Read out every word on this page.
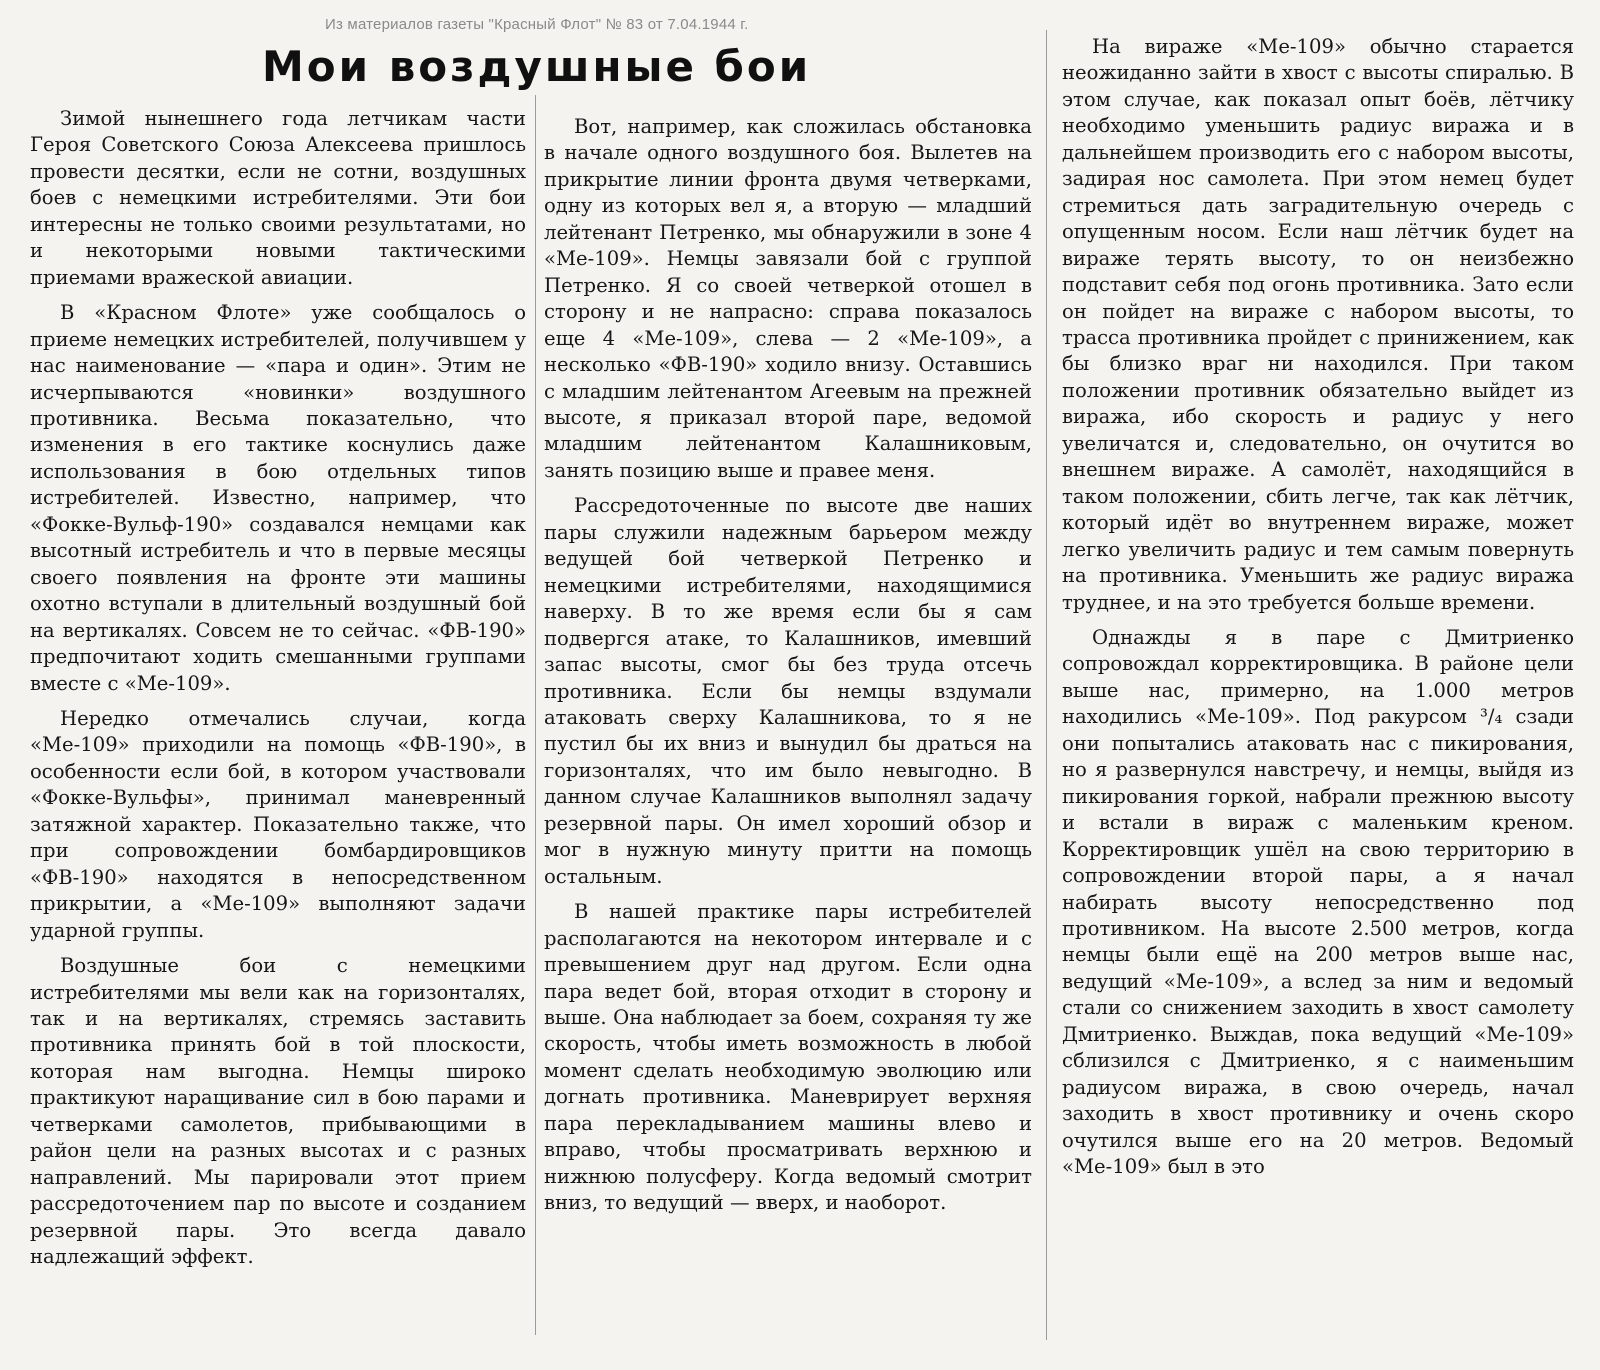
Из материалов газеты "Красный Флот" № 83 от 7.04.1944 г.
Мои воздушные бои

Зимой нынешнего года летчикам части Героя Советского Союза Алексеева пришлось провести десятки, если не сотни, воздушных боев с немецкими истребителями. Эти бои интересны не только своими результатами, но и некоторыми новыми тактическими приемами вражеской авиации.

В «Красном Флоте» уже сообщалось о приеме немецких истребителей, получившем у нас наименование — «пара и один». Этим не исчерпываются «новинки» воздушного противника. Весьма показательно, что изменения в его тактике коснулись даже использования в бою отдельных типов истребителей. Известно, например, что «Фокке-Вульф-190» создавался немцами как высотный истребитель и что в первые месяцы своего появления на фронте эти машины охотно вступали в длительный воздушный бой на вертикалях. Совсем не то сейчас. «ФВ-190» предпочитают ходить смешанными группами вместе с «Ме-109».

Нередко отмечались случаи, когда «Ме-109» приходили на помощь «ФВ-190», в особенности если бой, в котором участвовали «Фокке-Вульфы», принимал маневренный затяжной характер. Показательно также, что при сопровождении бомбардировщиков «ФВ-190» находятся в непосредственном прикрытии, а «Ме-109» выполняют задачи ударной группы.

Воздушные бои с немецкими истребителями мы вели как на горизонталях, так и на вертикалях, стремясь заставить противника принять бой в той плоскости, которая нам выгодна. Немцы широко практикуют наращивание сил в бою парами и четверками самолетов, прибывающими в район цели на разных высотах и с разных направлений. Мы парировали этот прием рассредоточением пар по высоте и созданием резервной пары. Это всегда давало надлежащий эффект.

Вот, например, как сложилась обстановка в начале одного воздушного боя. Вылетев на прикрытие линии фронта двумя четверками, одну из которых вел я, а вторую — младший лейтенант Петренко, мы обнаружили в зоне 4 «Ме-109». Немцы завязали бой с группой Петренко. Я со своей четверкой отошел в сторону и не напрасно: справа показалось еще 4 «Ме-109», слева — 2 «Ме-109», а несколько «ФВ-190» ходило внизу. Оставшись с младшим лейтенантом Агеевым на прежней высоте, я приказал второй паре, ведомой младшим лейтенантом Калашниковым, занять позицию выше и правее меня.

Рассредоточенные по высоте две наших пары служили надежным барьером между ведущей бой четверкой Петренко и немецкими истребителями, находящимися наверху. В то же время если бы я сам подвергся атаке, то Калашников, имевший запас высоты, смог бы без труда отсечь противника. Если бы немцы вздумали атаковать сверху Калашникова, то я не пустил бы их вниз и вынудил бы драться на горизонталях, что им было невыгодно. В данном случае Калашников выполнял задачу резервной пары. Он имел хороший обзор и мог в нужную минуту притти на помощь остальным.

В нашей практике пары истребителей располагаются на некотором интервале и с превышением друг над другом. Если одна пара ведет бой, вторая отходит в сторону и выше. Она наблюдает за боем, сохраняя ту же скорость, чтобы иметь возможность в любой момент сделать необходимую эволюцию или догнать противника. Маневрирует верхняя пара перекладыванием машины влево и вправо, чтобы просматривать верхнюю и нижнюю полусферу. Когда ведомый смотрит вниз, то ведущий — вверх, и наоборот.

На вираже «Ме-109» обычно старается неожиданно зайти в хвост с высоты спиралью. В этом случае, как показал опыт боёв, лётчику необходимо уменьшить радиус виража и в дальнейшем производить его с набором высоты, задирая нос самолета. При этом немец будет стремиться дать заградительную очередь с опущенным носом. Если наш лётчик будет на вираже терять высоту, то он неизбежно подставит себя под огонь противника. Зато если он пойдет на вираже с набором высоты, то трасса противника пройдет с принижением, как бы близко враг ни находился. При таком положении противник обязательно выйдет из виража, ибо скорость и радиус у него увеличатся и, следовательно, он очутится во внешнем вираже. А самолёт, находящийся в таком положении, сбить легче, так как лётчик, который идёт во внутреннем вираже, может легко увеличить радиус и тем самым повернуть на противника. Уменьшить же радиус виража труднее, и на это требуется больше времени.

Однажды я в паре с Дмитриенко сопровождал корректировщика. В районе цели выше нас, примерно, на 1.000 метров находились «Ме-109». Под ракурсом ³/₄ сзади они попытались атаковать нас с пикирования, но я развернулся навстречу, и немцы, выйдя из пикирования горкой, набрали прежнюю высоту и встали в вираж с маленьким креном. Корректировщик ушёл на свою территорию в сопровождении второй пары, а я начал набирать высоту непосредственно под противником. На высоте 2.500 метров, когда немцы были ещё на 200 метров выше нас, ведущий «Ме-109», а вслед за ним и ведомый стали со снижением заходить в хвост самолету Дмитриенко. Выждав, пока ведущий «Ме-109» сблизился с Дмитриенко, я с наименьшим радиусом виража, в свою очередь, начал заходить в хвост противнику и очень скоро очутился выше его на 20 метров. Ведомый «Ме-109» был в это
